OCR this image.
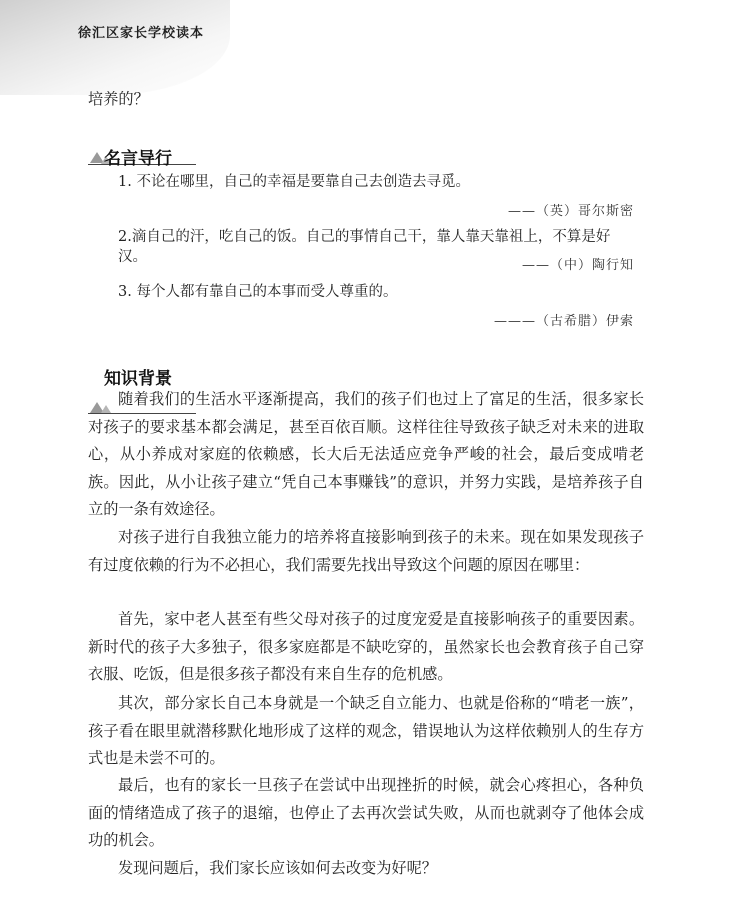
徐汇区家长学校读本

培养的？

名言导行

1. 不论在哪里，自己的幸福是要靠自己去创造去寻觅。

——（英）哥尔斯密

2.滴自己的汗，吃自己的饭。自己的事情自己干，靠人靠天靠祖上，不算是好汉。

——（中）陶行知

3. 每个人都有靠自己的本事而受人尊重的。

———（古希腊）伊索

知识背景

随着我们的生活水平逐渐提高，我们的孩子们也过上了富足的生活，很多家长对孩子的要求基本都会满足，甚至百依百顺。这样往往导致孩子缺乏对未来的进取心，从小养成对家庭的依赖感，长大后无法适应竞争严峻的社会，最后变成啃老族。因此，从小让孩子建立“凭自己本事赚钱”的意识，并努力实践，是培养孩子自立的一条有效途径。

对孩子进行自我独立能力的培养将直接影响到孩子的未来。现在如果发现孩子有过度依赖的行为不必担心，我们需要先找出导致这个问题的原因在哪里：

首先，家中老人甚至有些父母对孩子的过度宠爱是直接影响孩子的重要因素。新时代的孩子大多独子，很多家庭都是不缺吃穿的，虽然家长也会教育孩子自己穿衣服、吃饭，但是很多孩子都没有来自生存的危机感。

其次，部分家长自己本身就是一个缺乏自立能力、也就是俗称的“啃老一族”，孩子看在眼里就潜移默化地形成了这样的观念，错误地认为这样依赖别人的生存方式也是未尝不可的。

最后，也有的家长一旦孩子在尝试中出现挫折的时候，就会心疼担心，各种负面的情绪造成了孩子的退缩，也停止了去再次尝试失败，从而也就剥夺了他体会成功的机会。

发现问题后，我们家长应该如何去改变为好呢？
